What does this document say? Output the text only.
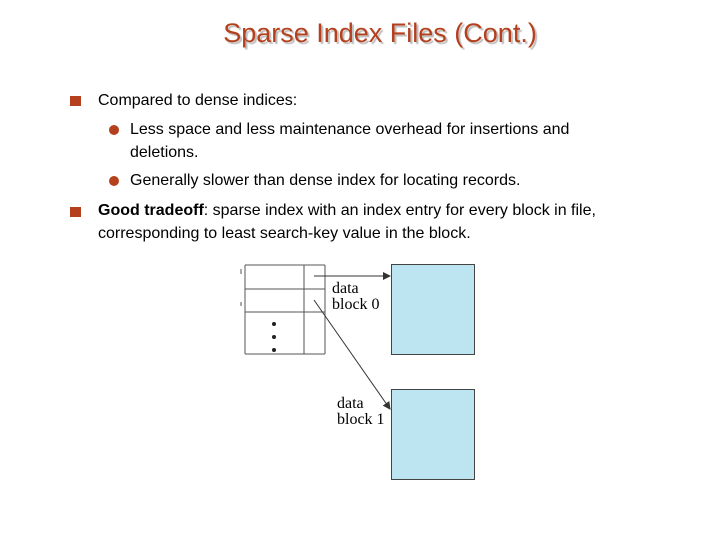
Sparse Index Files (Cont.)
Compared to dense indices:
Less space and less maintenance overhead for insertions and
deletions.
Generally slower than dense index for locating records.
Good tradeoff: sparse index with an index entry for every block in file,
corresponding to least search-key value in the block.
data
block 0
data
block 1
